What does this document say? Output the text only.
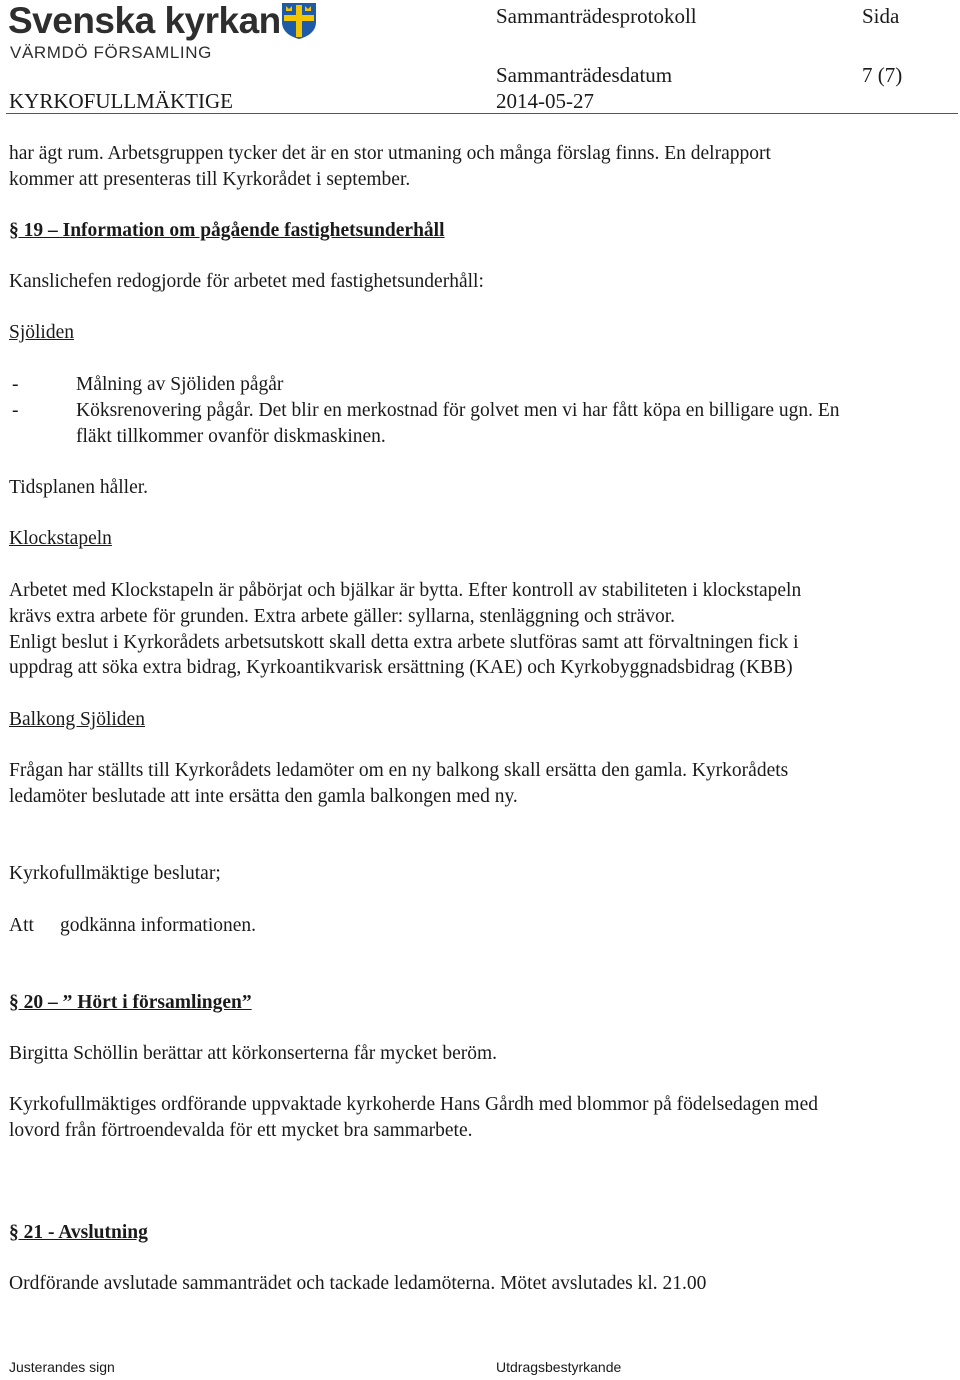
Svenska kyrkan
VÄRMDÖ FÖRSAMLING
Sammanträdesprotokoll	Sida
Sammanträdesdatum	7 (7)
KYRKOFULLMÄKTIGE	2014-05-27
har ägt rum. Arbetsgruppen tycker det är en stor utmaning och många förslag finns. En delrapport
kommer att presenteras till Kyrkorådet i september.
§ 19 – Information om pågående fastighetsunderhåll
Kanslichefen redogjorde för arbetet med fastighetsunderhåll:
Sjöliden
-	Målning av Sjöliden pågår
-	Köksrenovering pågår. Det blir en merkostnad för golvet men vi har fått köpa en billigare ugn. En
fläkt tillkommer ovanför diskmaskinen.
Tidsplanen håller.
Klockstapeln
Arbetet med Klockstapeln är påbörjat och bjälkar är bytta. Efter kontroll av stabiliteten i klockstapeln
krävs extra arbete för grunden. Extra arbete gäller: syllarna, stenläggning och strävor.
Enligt beslut i Kyrkorådets arbetsutskott skall detta extra arbete slutföras samt att förvaltningen fick i
uppdrag att söka extra bidrag, Kyrkoantikvarisk ersättning (KAE) och Kyrkobyggnadsbidrag (KBB)
Balkong Sjöliden
Frågan har ställts till Kyrkorådets ledamöter om en ny balkong skall ersätta den gamla. Kyrkorådets
ledamöter beslutade att inte ersätta den gamla balkongen med ny.
Kyrkofullmäktige beslutar;
Att godkänna informationen.
§ 20 – ” Hört i församlingen”
Birgitta Schöllin berättar att körkonserterna får mycket beröm.
Kyrkofullmäktiges ordförande uppvaktade kyrkoherde Hans Gårdh med blommor på födelsedagen med
lovord från förtroendevalda för ett mycket bra sammarbete.
§ 21 - Avslutning
Ordförande avslutade sammanträdet och tackade ledamöterna. Mötet avslutades kl. 21.00
Justerandes sign	Utdragsbestyrkande
